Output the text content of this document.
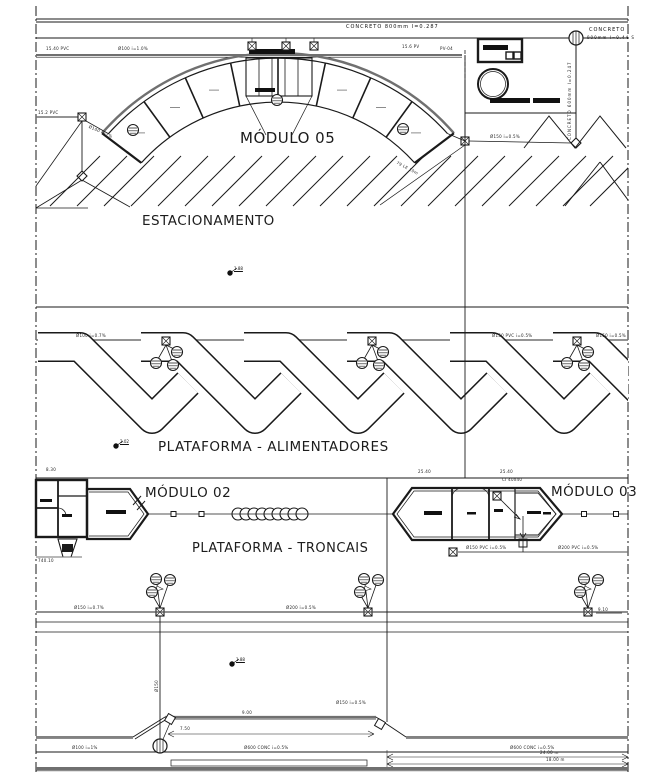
MÓDULO 05
ESTACIONAMENTO
PLATAFORMA - ALIMENTADORES
MÓDULO 02	MÓDULO 03
PLATAFORMA - TRONCAIS
CONCRETO 800mm I=0.287	CONCRETO
900mm I=0.44 S
CONCRETO 600mm I=0.247
15.40 PVC	Ø100 i=1.0%	15.6 PV	PV-04
79 LE 10m
Ø150 i=0.5%
Ø100 i=0.7%	Ø150 PVC i=0.5%	Ø150 i=0.5%
25.40	25.40
Ø150 PVC i=0.5%	Ø200 PVC i=0.5%
Ø150 i=0.7%	Ø200 i=0.5%
Ø150 i=0.5%
9.00
7.50
Ø100 i=1%	Ø600 CONC i=0.5%	Ø600 CONC i=0.5%
24.00 m
18.00 m
Ø150
8.30
CI 40x40
9.10
740.10
15.2 PVC
Ø100 i=2%
1.88
2.02
1.88
